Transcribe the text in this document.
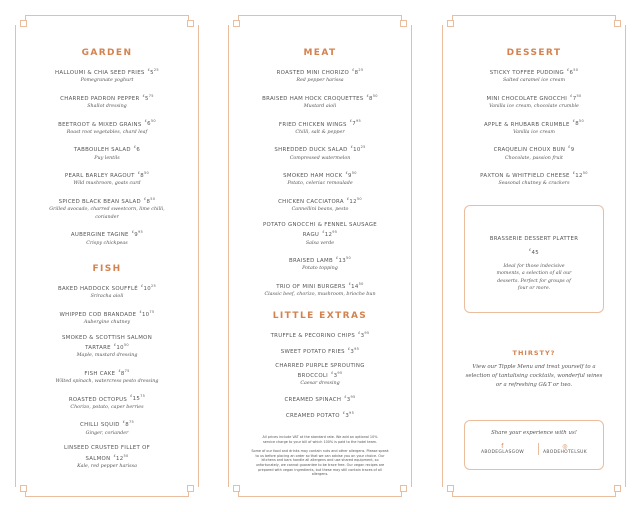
GARDEN
HALLOUMI & CHIA SEED FRIES $^£5^{25}$
Pomegranate yoghurt
CHARRED PADRON PEPPER $^£5^{75}$
Shallot dressing
BEETROOT & MIXED GRAINS $^£6^{50}$
Roast root vegetables, chard leaf
TABBOULEH SALAD £6
Puy lentils
PEARL BARLEY RAGOUT $^£8^{50}$
Wild mushroom, goats curd
SPICED BLACK BEAN SALAD $^£8^{50}$
Grilled avocado, charred sweetcorn, lime chilli, coriander
AUBERGINE TAGINE $^£9^{95}$
Crispy chickpeas
FISH
BAKED HADDOCK SOUFFLÉ $^£10^{25}$
Sriracha aioli
WHIPPED COD BRANDADE $^£10^{75}$
Aubergine chutney
SMOKED & SCOTTISH SALMON TARTARE $^£10^{50}$
Maple, mustard dressing
FISH CAKE $^£8^{75}$
Wilted spinach, watercress pesto dressing
ROASTED OCTOPUS $^£15^{75}$
Chorizo, potato, caper berries
CHILLI SQUID $^£8^{75}$
Ginger, coriander
LINSEED CRUSTED FILLET OF SALMON $^£12^{50}$
Kale, red pepper harissa
MEAT
ROASTED MINI CHORIZO $^£8^{25}$
Red pepper harissa
BRAISED HAM HOCK CROQUETTES $^£8^{50}$
Mustard aioli
FRIED CHICKEN WINGS $^£7^{95}$
Chilli, salt & pepper
SHREDDED DUCK SALAD $^£10^{25}$
Compressed watermelon
SMOKED HAM HOCK $^£9^{50}$
Potato, celeriac remoulade
CHICKEN CACCIATORA $^£12^{50}$
Cannellini beans, pesto
POTATO GNOCCHI & FENNEL SAUSAGE RAGU $^£12^{95}$
Salsa verde
BRAISED LAMB $^£13^{50}$
Potato topping
TRIO OF MINI BURGERS $^£14^{50}$
Classic beef, chorizo, mushroom, brioche bun
LITTLE EXTRAS
TRUFFLE & PECORINO CHIPS $^£3^{95}$
SWEET POTATO FRIES $^£3^{95}$
CHARRED PURPLE SPROUTING BROCCOLI $^£3^{95}$
Caesar dressing
CREAMED SPINACH $^£3^{95}$
CREAMED POTATO $^£3^{95}$
All prices include VAT at the standard rate. We add an optional 10% service charge to your bill of which 100% is paid to the hotel team.
Some of our food and drinks may contain nuts and other allergens. Please speak to us before placing an order so that we can advise you on your choice. Our kitchens and bars handle all allergens and use shared equipment, so unfortunately, we cannot guarantee to be trace free. Our vegan recipes are prepared with vegan ingredients, but these may still contain traces of all allergens.
DESSERT
STICKY TOFFEE PUDDING $^£6^{50}$
Salted caramel ice cream
MINI CHOCOLATE GNOCCHI $^£7^{50}$
Vanilla ice cream, chocolate crumble
APPLE & RHUBARB CRUMBLE $^£8^{50}$
Vanilla ice cream
CRAQUELIN CHOUX BUN £9
Chocolate, passion fruit
PAXTON & WHITFIELD CHEESE $^£12^{50}$
Seasonal chutney & crackers
BRASSERIE DESSERT PLATTER
£45
Ideal for those indecisive moments, a selection of all our desserts. Perfect for groups of four or more.
THIRSTY?
View our Tipple Menu and treat yourself to a selection of tantalising cocktails, wonderful wines or a refreshing G&T or two.
Share your experience with us!
f
ABODEGLASGOW
◎
ABODEHOTELSUK
